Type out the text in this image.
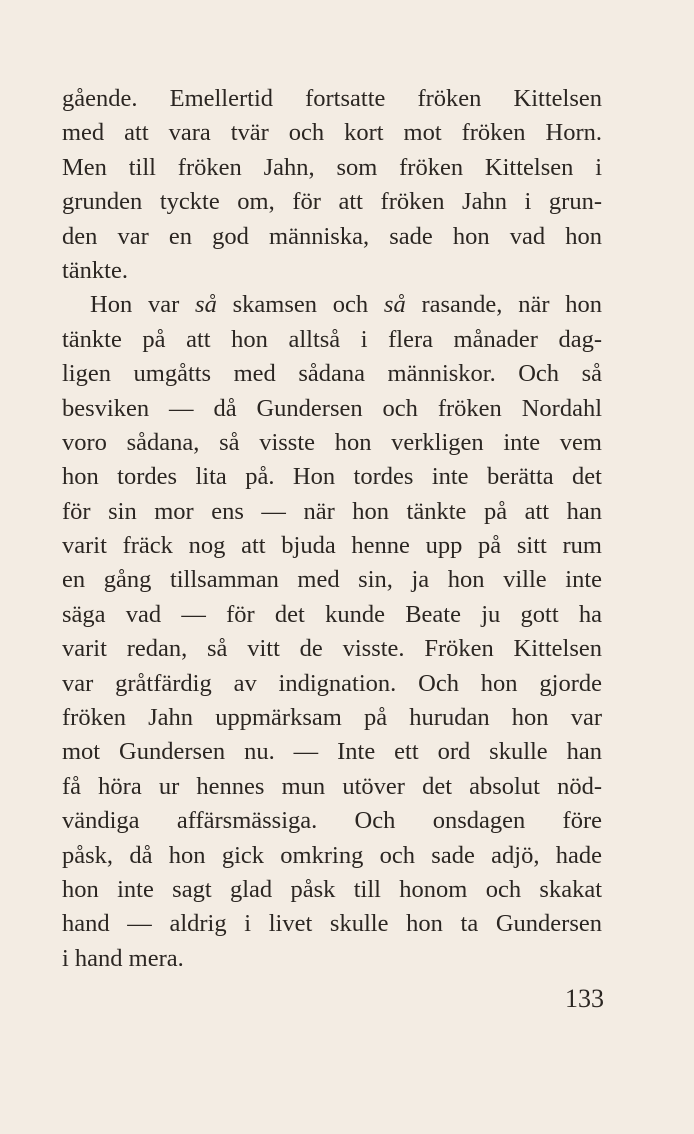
gående. Emellertid fortsatte fröken Kittelsen
med att vara tvär och kort mot fröken Horn.
Men till fröken Jahn, som fröken Kittelsen i
grunden tyckte om, för att fröken Jahn i grun-
den var en god människa, sade hon vad hon
tänkte.
Hon var så skamsen och så rasande, när hon
tänkte på att hon alltså i flera månader dag-
ligen umgåtts med sådana människor. Och så
besviken — då Gundersen och fröken Nordahl
voro sådana, så visste hon verkligen inte vem
hon tordes lita på. Hon tordes inte berätta det
för sin mor ens — när hon tänkte på att han
varit fräck nog att bjuda henne upp på sitt rum
en gång tillsamman med sin, ja hon ville inte
säga vad — för det kunde Beate ju gott ha
varit redan, så vitt de visste. Fröken Kittelsen
var gråtfärdig av indignation. Och hon gjorde
fröken Jahn uppmärksam på hurudan hon var
mot Gundersen nu. — Inte ett ord skulle han
få höra ur hennes mun utöver det absolut nöd-
vändiga affärsmässiga. Och onsdagen före
påsk, då hon gick omkring och sade adjö, hade
hon inte sagt glad påsk till honom och skakat
hand — aldrig i livet skulle hon ta Gundersen
i hand mera.
133
